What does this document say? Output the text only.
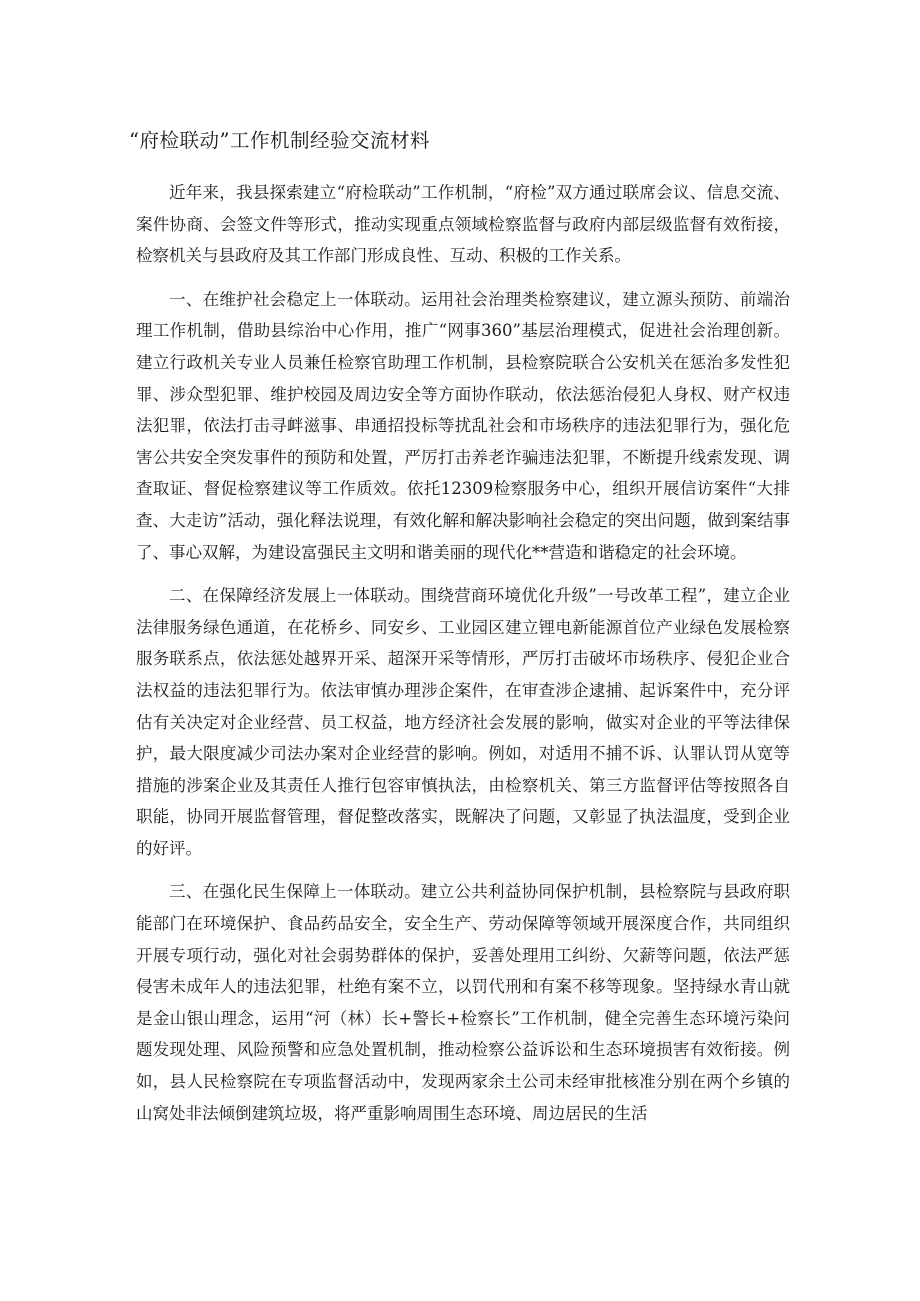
“府检联动”工作机制经验交流材料

近年来，我县探索建立“府检联动”工作机制，“府检”双方通过联席会议、信息交流、案件协商、会签文件等形式，推动实现重点领域检察监督与政府内部层级监督有效衔接，检察机关与县政府及其工作部门形成良性、互动、积极的工作关系。

一、在维护社会稳定上一体联动。运用社会治理类检察建议，建立源头预防、前端治理工作机制，借助县综治中心作用，推广“网事360”基层治理模式，促进社会治理创新。建立行政机关专业人员兼任检察官助理工作机制，县检察院联合公安机关在惩治多发性犯罪、涉众型犯罪、维护校园及周边安全等方面协作联动，依法惩治侵犯人身权、财产权违法犯罪，依法打击寻衅滋事、串通招投标等扰乱社会和市场秩序的违法犯罪行为，强化危害公共安全突发事件的预防和处置，严厉打击养老诈骗违法犯罪，不断提升线索发现、调查取证、督促检察建议等工作质效。依托12309检察服务中心，组织开展信访案件“大排查、大走访”活动，强化释法说理，有效化解和解决影响社会稳定的突出问题，做到案结事了、事心双解，为建设富强民主文明和谐美丽的现代化**营造和谐稳定的社会环境。

二、在保障经济发展上一体联动。围绕营商环境优化升级”一号改革工程”，建立企业法律服务绿色通道，在花桥乡、同安乡、工业园区建立锂电新能源首位产业绿色发展检察服务联系点，依法惩处越界开采、超深开采等情形，严厉打击破坏市场秩序、侵犯企业合法权益的违法犯罪行为。依法审慎办理涉企案件，在审查涉企逮捕、起诉案件中，充分评估有关决定对企业经营、员工权益，地方经济社会发展的影响，做实对企业的平等法律保护，最大限度减少司法办案对企业经营的影响。例如，对适用不捕不诉、认罪认罚从宽等措施的涉案企业及其责任人推行包容审慎执法，由检察机关、第三方监督评估等按照各自职能，协同开展监督管理，督促整改落实，既解决了问题，又彰显了执法温度，受到企业的好评。

三、在强化民生保障上一体联动。建立公共利益协同保护机制，县检察院与县政府职能部门在环境保护、食品药品安全，安全生产、劳动保障等领域开展深度合作，共同组织开展专项行动，强化对社会弱势群体的保护，妥善处理用工纠纷、欠薪等问题，依法严惩侵害未成年人的违法犯罪，杜绝有案不立，以罚代刑和有案不移等现象。坚持绿水青山就是金山银山理念，运用“河（林）长+警长+检察长”工作机制，健全完善生态环境污染问题发现处理、风险预警和应急处置机制，推动检察公益诉讼和生态环境损害有效衔接。例如，县人民检察院在专项监督活动中，发现两家余土公司未经审批核准分别在两个乡镇的山窝处非法倾倒建筑垃圾，将严重影响周围生态环境、周边居民的生活
